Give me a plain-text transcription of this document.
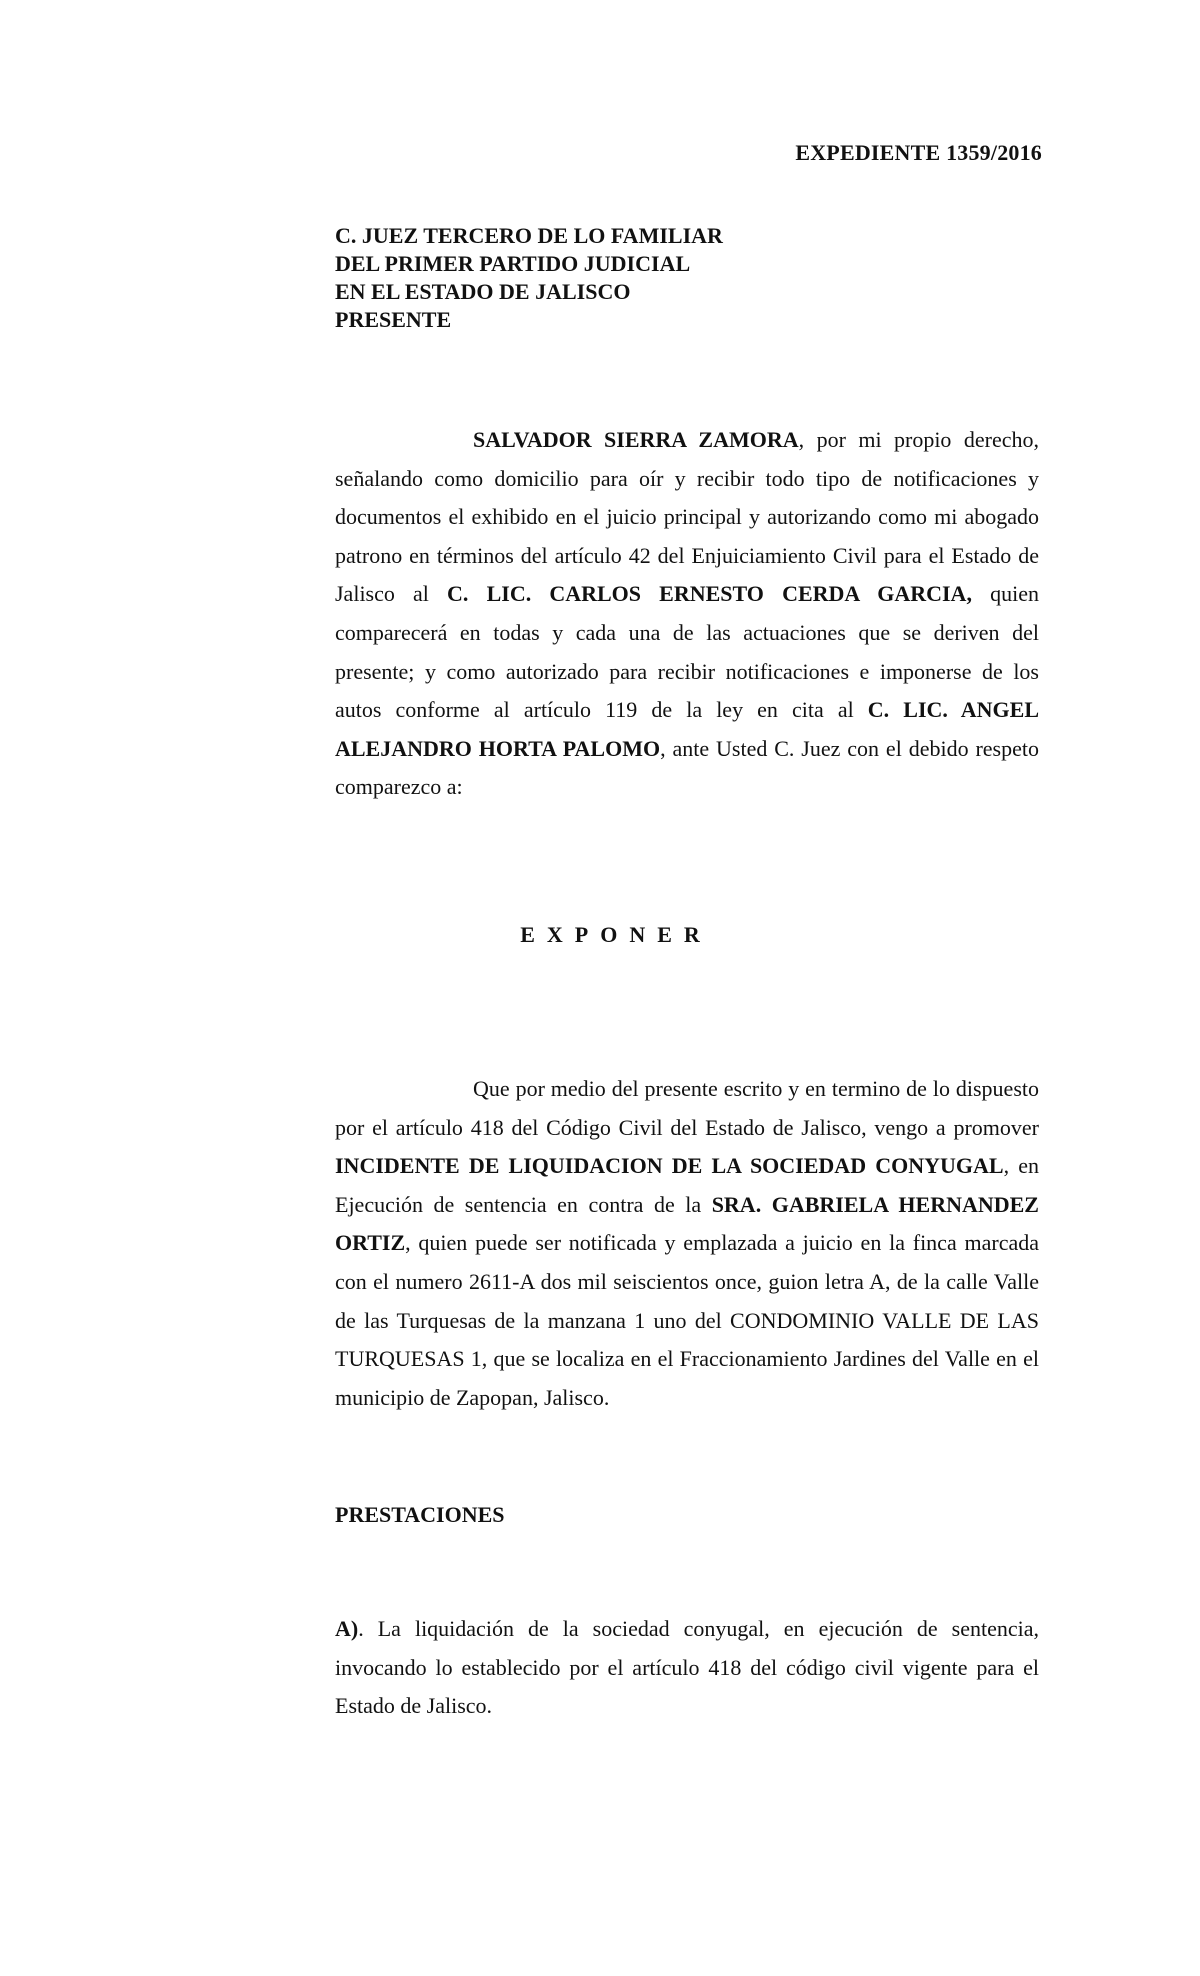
EXPEDIENTE 1359/2016
C. JUEZ TERCERO DE LO FAMILIAR
DEL PRIMER PARTIDO JUDICIAL
EN EL ESTADO DE JALISCO
PRESENTE
SALVADOR SIERRA ZAMORA, por mi propio derecho, señalando como domicilio para oír y recibir todo tipo de notificaciones y documentos el exhibido en el juicio principal y autorizando como mi abogado patrono en términos del artículo 42 del Enjuiciamiento Civil para el Estado de Jalisco al C. LIC. CARLOS ERNESTO CERDA GARCIA, quien comparecerá en todas y cada una de las actuaciones que se deriven del presente; y como autorizado para recibir notificaciones e imponerse de los autos conforme al artículo 119 de la ley en cita al C. LIC. ANGEL ALEJANDRO HORTA PALOMO, ante Usted C. Juez con el debido respeto comparezco a:
EXPONER
Que por medio del presente escrito y en termino de lo dispuesto por el artículo 418 del Código Civil del Estado de Jalisco, vengo a promover INCIDENTE DE LIQUIDACION DE LA SOCIEDAD CONYUGAL, en Ejecución de sentencia en contra de la SRA. GABRIELA HERNANDEZ ORTIZ, quien puede ser notificada y emplazada a juicio en la finca marcada con el numero 2611-A dos mil seiscientos once, guion letra A, de la calle Valle de las Turquesas de la manzana 1 uno del CONDOMINIO VALLE DE LAS TURQUESAS 1, que se localiza en el Fraccionamiento Jardines del Valle en el municipio de Zapopan, Jalisco.
PRESTACIONES
A). La liquidación de la sociedad conyugal, en ejecución de sentencia, invocando lo establecido por el artículo 418 del código civil vigente para el Estado de Jalisco.
